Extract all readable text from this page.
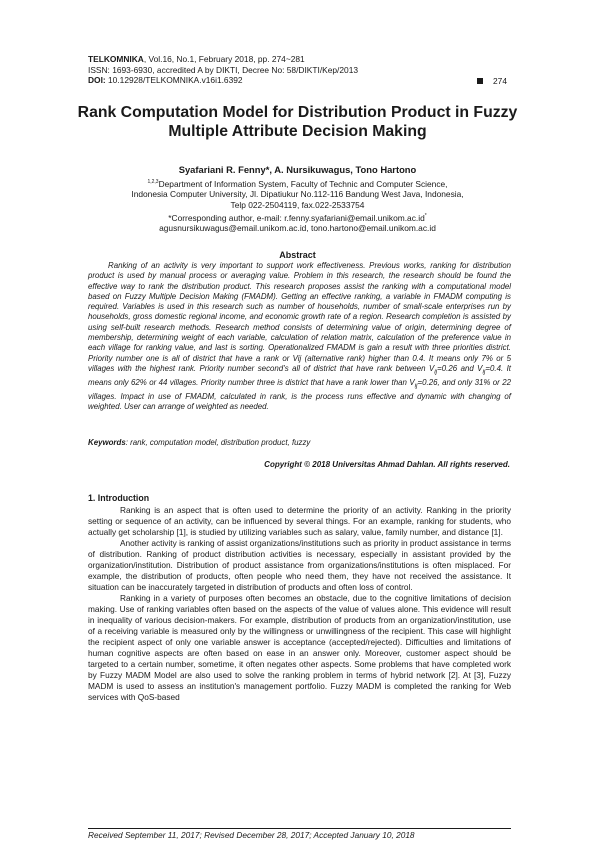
TELKOMNIKA, Vol.16, No.1, February 2018, pp. 274~281
ISSN: 1693-6930, accredited A by DIKTI, Decree No: 58/DIKTI/Kep/2013
DOI: 10.12928/TELKOMNIKA.v16i1.6392	274
Rank Computation Model for Distribution Product in Fuzzy Multiple Attribute Decision Making
Syafariani R. Fenny*, A. Nursikuwagus, Tono Hartono
$^{1,2,3}$Department of Information System, Faculty of Technic and Computer Science,
Indonesia Computer University, Jl. Dipatiukur No.112-116 Bandung West Java, Indonesia,
Telp 022-2504119, fax.022-2533754
*Corresponding author, e-mail: r.fenny.syafariani@email.unikom.ac.id*
agusnursikuwagus@email.unikom.ac.id, tono.hartono@email.unikom.ac.id
Abstract
Ranking of an activity is very important to support work effectiveness. Previous works, ranking for distribution product is used by manual process or averaging value. Problem in this research, the research should be found the effective way to rank the distribution product. This research proposes assist the ranking with a computational model based on Fuzzy Multiple Decision Making (FMADM). Getting an effective ranking, a variable in FMADM computing is required. Variables is used in this research such as number of households, number of small-scale enterprises run by households, gross domestic regional income, and economic growth rate of a region. Research completion is assisted by using self-built research methods. Research method consists of determining value of origin, determining degree of membership, determining weight of each variable, calculation of relation matrix, calculation of the preference value in each village for ranking value, and last is sorting. Operationalized FMADM is gain a result with three priorities district. Priority number one is all of district that have a rank or Vij (alternative rank) higher than 0.4. It means only 7% or 5 villages with the highest rank. Priority number second's all of district that have rank between $V_{ij}=0.26$ and $V_{ij}=0.4$. It means only 62% or 44 villages. Priority number three is district that have a rank lower than $V_{ij}=0.26$, and only 31% or 22 villages. Impact in use of FMADM, calculated in rank, is the process runs effective and dynamic with changing of weighted. User can arrange of weighted as needed.
Keywords: rank, computation model, distribution product, fuzzy
Copyright © 2018 Universitas Ahmad Dahlan. All rights reserved.
1. Introduction

Ranking is an aspect that is often used to determine the priority of an activity. Ranking in the priority setting or sequence of an activity, can be influenced by several things. For an example, ranking for students, who actually get scholarship [1], is studied by utilizing variables such as salary, value, family number, and distance [1].

Another activity is ranking of assist organizations/institutions such as priority in product assistance in terms of distribution. Ranking of product distribution activities is necessary, especially in assistant provided by the organization/institution. Distribution of product assistance from organizations/institutions is often misplaced. For example, the distribution of products, often people who need them, they have not received the assistance. It situation can be inaccurately targeted in distribution of products and often loss of control.

Ranking in a variety of purposes often becomes an obstacle, due to the cognitive limitations of decision making. Use of ranking variables often based on the aspects of the value of values alone. This evidence will result in inequality of various decision-makers. For example, distribution of products from an organization/institution, use of a receiving variable is measured only by the willingness or unwillingness of the recipient. This case will highlight the recipient aspect of only one variable answer is acceptance (accepted/rejected). Difficulties and limitations of human cognitive aspects are often based on ease in an answer only. Moreover, customer aspect should be targeted to a certain number, sometime, it often negates other aspects. Some problems that have completed work by Fuzzy MADM Model are also used to solve the ranking problem in terms of hybrid network [2]. At [3], Fuzzy MADM is used to assess an institution's management portfolio. Fuzzy MADM is completed the ranking for Web services with QoS-based

Received September 11, 2017; Revised December 28, 2017; Accepted January 10, 2018
